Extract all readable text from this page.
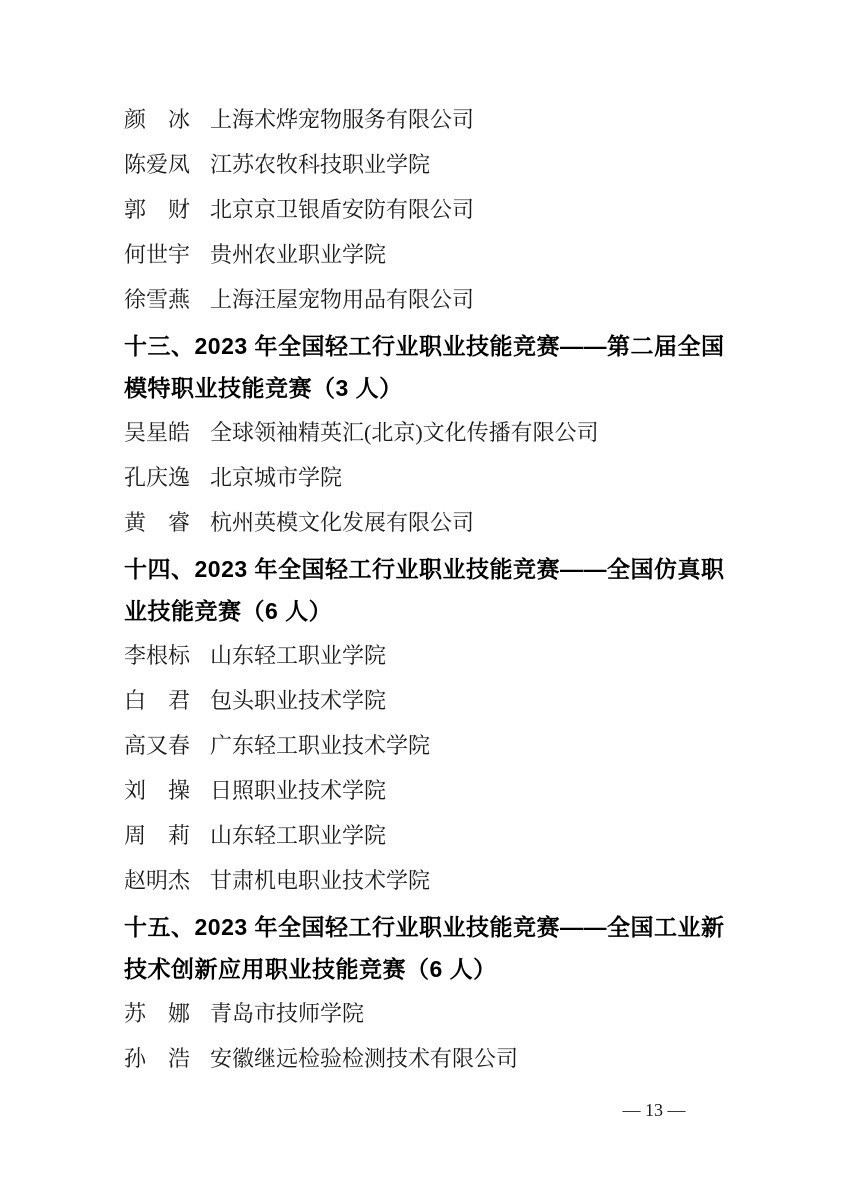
颜　冰 上海术烨宠物服务有限公司
陈爱凤 江苏农牧科技职业学院
郭　财 北京京卫银盾安防有限公司
何世宇 贵州农业职业学院
徐雪燕 上海汪屋宠物用品有限公司
十三、2023 年全国轻工行业职业技能竞赛——第二届全国模特职业技能竞赛（3 人）
吴星皓 全球领袖精英汇(北京)文化传播有限公司
孔庆逸 北京城市学院
黄　睿 杭州英模文化发展有限公司
十四、2023 年全国轻工行业职业技能竞赛——全国仿真职业技能竞赛（6 人）
李根标 山东轻工职业学院
白　君 包头职业技术学院
高又春 广东轻工职业技术学院
刘　操 日照职业技术学院
周　莉 山东轻工职业学院
赵明杰 甘肃机电职业技术学院
十五、2023 年全国轻工行业职业技能竞赛——全国工业新技术创新应用职业技能竞赛（6 人）
苏　娜 青岛市技师学院
孙　浩 安徽继远检验检测技术有限公司
— 13 —
